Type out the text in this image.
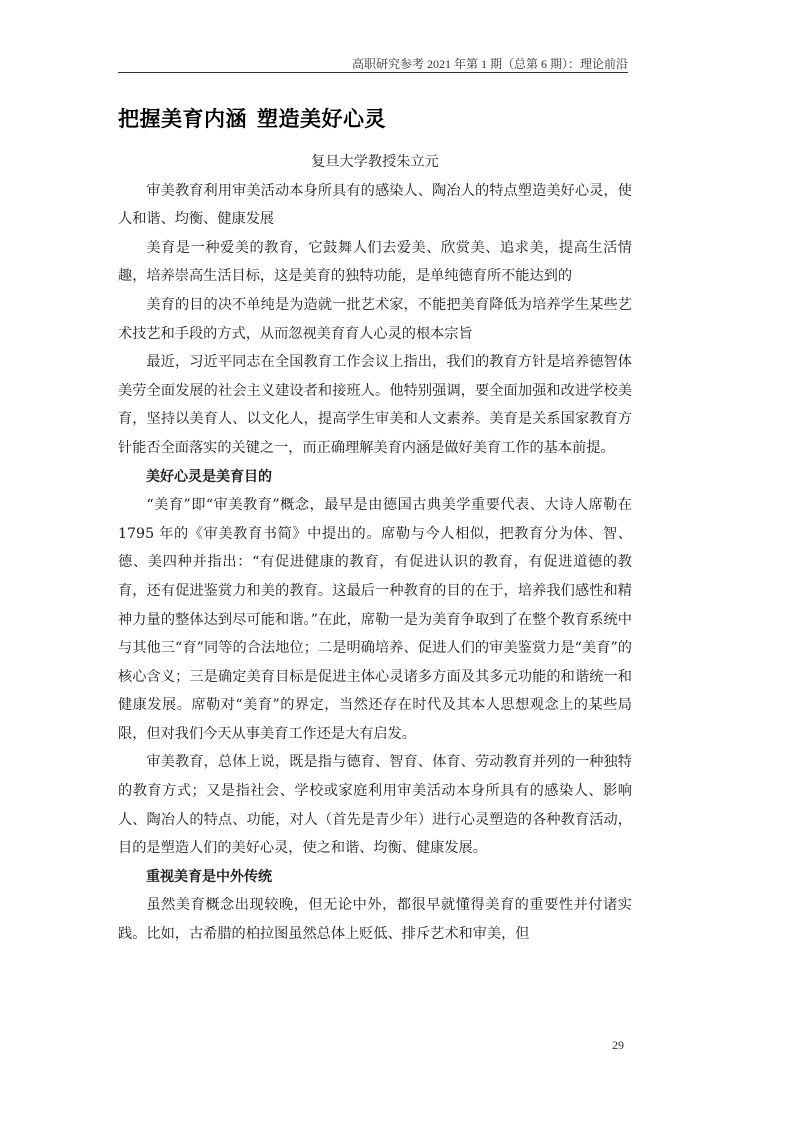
高职研究参考 2021 年第 1 期（总第 6 期）：理论前沿
把握美育内涵 塑造美好心灵

复旦大学教授朱立元

审美教育利用审美活动本身所具有的感染人、陶冶人的特点塑造美好心灵，使人和谐、均衡、健康发展

美育是一种爱美的教育，它鼓舞人们去爱美、欣赏美、追求美，提高生活情趣，培养崇高生活目标，这是美育的独特功能，是单纯德育所不能达到的

美育的目的决不单纯是为造就一批艺术家，不能把美育降低为培养学生某些艺术技艺和手段的方式，从而忽视美育育人心灵的根本宗旨

最近，习近平同志在全国教育工作会议上指出，我们的教育方针是培养德智体美劳全面发展的社会主义建设者和接班人。他特别强调，要全面加强和改进学校美育，坚持以美育人、以文化人，提高学生审美和人文素养。美育是关系国家教育方针能否全面落实的关键之一，而正确理解美育内涵是做好美育工作的基本前提。

美好心灵是美育目的

“美育”即“审美教育”概念，最早是由德国古典美学重要代表、大诗人席勒在 1795 年的《审美教育书简》中提出的。席勒与今人相似，把教育分为体、智、德、美四种并指出：“有促进健康的教育，有促进认识的教育，有促进道德的教育，还有促进鉴赏力和美的教育。这最后一种教育的目的在于，培养我们感性和精神力量的整体达到尽可能和谐。”在此，席勒一是为美育争取到了在整个教育系统中与其他三“育”同等的合法地位；二是明确培养、促进人们的审美鉴赏力是“美育”的核心含义；三是确定美育目标是促进主体心灵诸多方面及其多元功能的和谐统一和健康发展。席勒对“美育”的界定，当然还存在时代及其本人思想观念上的某些局限，但对我们今天从事美育工作还是大有启发。

审美教育，总体上说，既是指与德育、智育、体育、劳动教育并列的一种独特的教育方式；又是指社会、学校或家庭利用审美活动本身所具有的感染人、影响人、陶冶人的特点、功能，对人（首先是青少年）进行心灵塑造的各种教育活动，目的是塑造人们的美好心灵，使之和谐、均衡、健康发展。

重视美育是中外传统

虽然美育概念出现较晚，但无论中外，都很早就懂得美育的重要性并付诸实践。比如，古希腊的柏拉图虽然总体上贬低、排斥艺术和审美，但

29
